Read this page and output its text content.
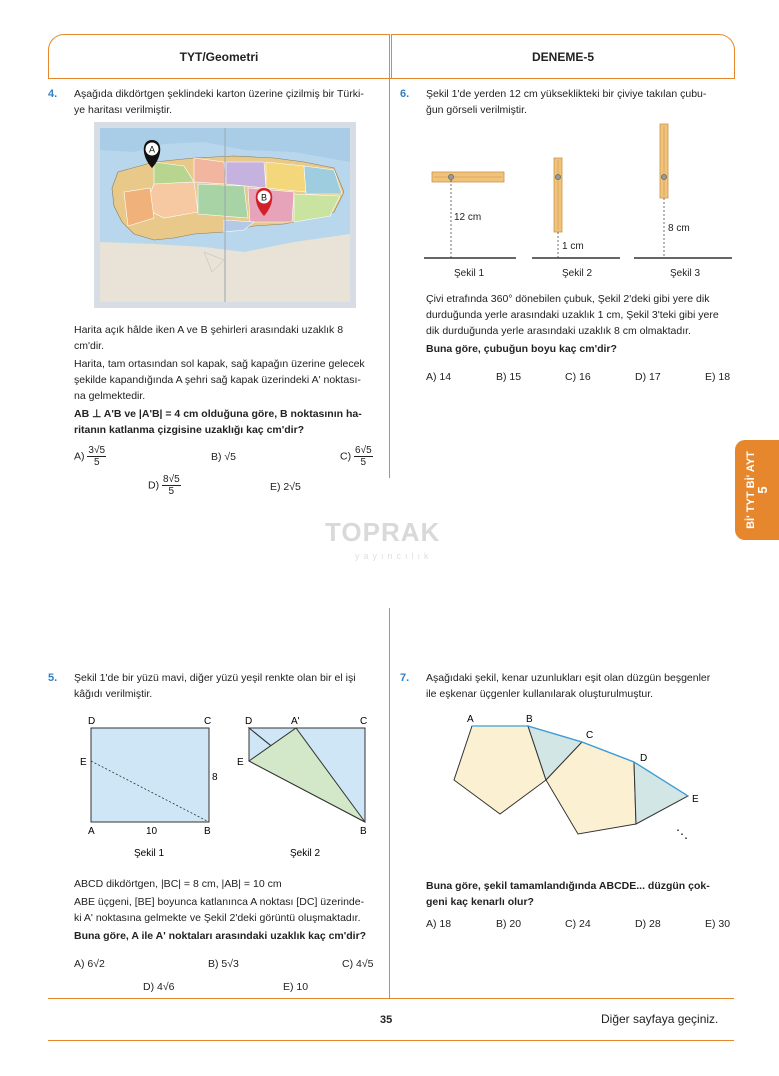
TYT/Geometri	DENEME-5
Bİ' TYT Bİ' AYT
5
TOPRAK
yayıncılık
4. Aşağıda dikdörtgen şeklindeki karton üzerine çizilmiş bir Türki-
ye haritası verilmiştir.
A
B
Harita açık hâlde iken A ve B şehirleri arasındaki uzaklık 8
cm'dir.
Harita, tam ortasından sol kapak, sağ kapağın üzerine gelecek
şekilde kapandığında A şehri sağ kapak üzerindeki A' noktası-
na gelmektedir.
AB ⊥ A'B ve |A'B| = 4 cm olduğuna göre, B noktasının ha-
ritanın katlanma çizgisine uzaklığı kaç cm'dir?
$A) \frac{3√5}{5}$	B) √5	$C) \frac{6√5}{5}$
$D) \frac{8√5}{5}$	E) 2√5
6. Şekil 1'de yerden 12 cm yükseklikteki bir çiviye takılan çubu-
ğun görseli verilmiştir.
12 cm
Şekil 1
1 cm
Şekil 2
8 cm
Şekil 3
Çivi etrafında 360° dönebilen çubuk, Şekil 2'deki gibi yere dik
durduğunda yerle arasındaki uzaklık 1 cm, Şekil 3'teki gibi yere
dik durduğunda yerle arasındaki uzaklık 8 cm olmaktadır.
Buna göre, çubuğun boyu kaç cm'dir?
A) 14	B) 15	C) 16	D) 17	E) 18
5. Şekil 1'de bir yüzü mavi, diğer yüzü yeşil renkte olan bir el işi
kâğıdı verilmiştir.
D	C
E
8
A	10	B
Şekil 1
D	A'	C
E
B
Şekil 2
ABCD dikdörtgen, |BC| = 8 cm, |AB| = 10 cm
ABE üçgeni, [BE] boyunca katlanınca A noktası [DC] üzerinde-
ki A' noktasına gelmekte ve Şekil 2'deki görüntü oluşmaktadır.
Buna göre, A ile A' noktaları arasındaki uzaklık kaç cm'dir?
A) 6√2	B) 5√3	C) 4√5
D) 4√6	E) 10
7. Aşağıdaki şekil, kenar uzunlukları eşit olan düzgün beşgenler
ile eşkenar üçgenler kullanılarak oluşturulmuştur.
A	B
C
D
E
⋱
Buna göre, şekil tamamlandığında ABCDE... düzgün çok-
geni kaç kenarlı olur?
A) 18	B) 20	C) 24	D) 28	E) 30
35	Diğer sayfaya geçiniz.
